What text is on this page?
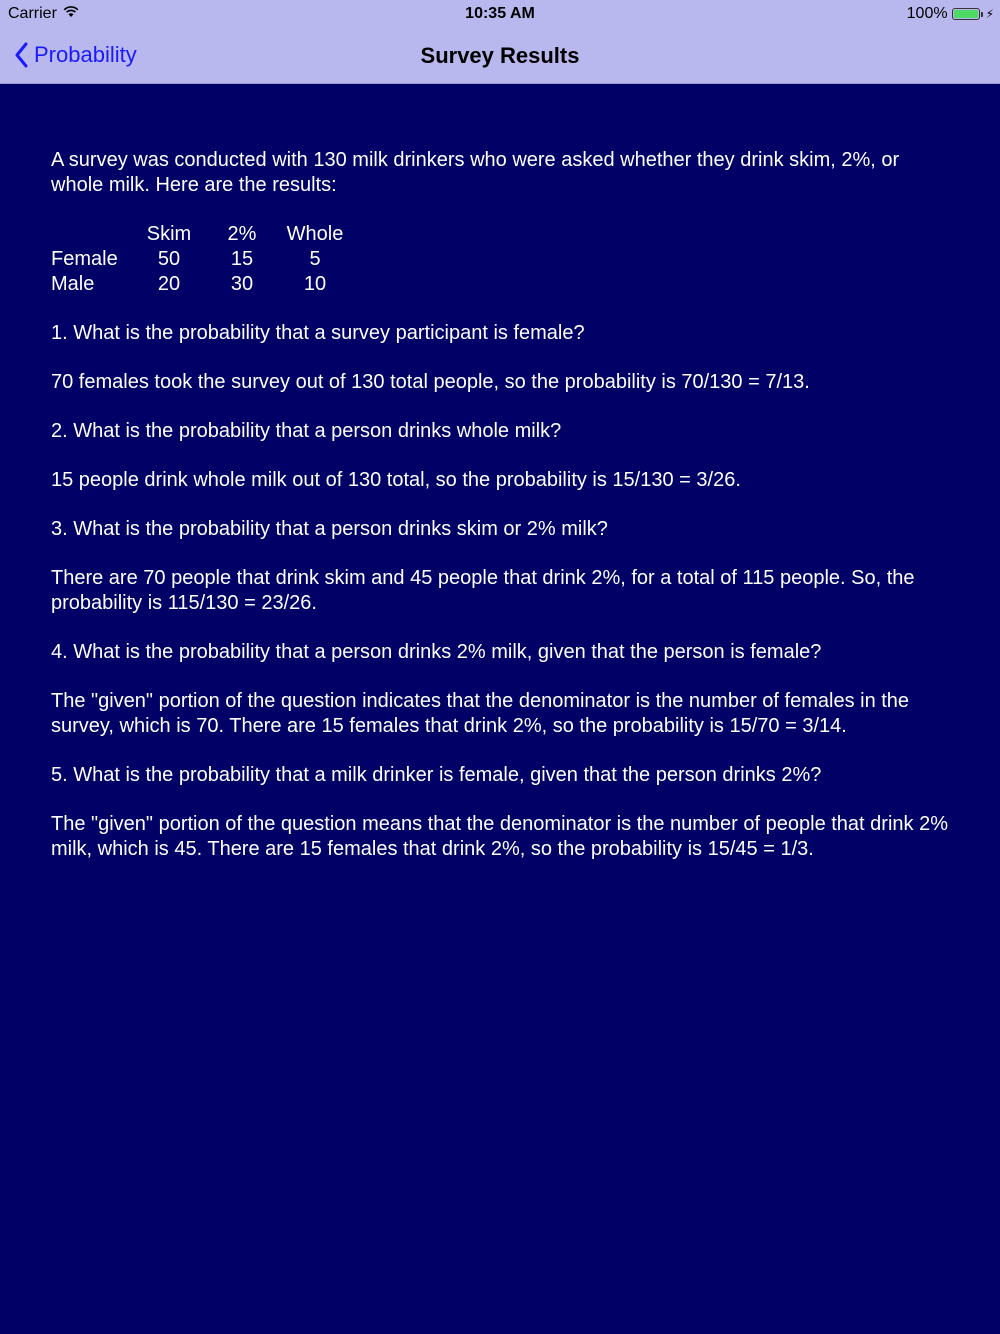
Carrier	10:35 AM	100%	⚡
Probability	Survey Results

A survey was conducted with 130 milk drinkers who were asked whether they drink skim, 2%, or whole milk. Here are the results:

	Skim	2%	Whole
Female	50	15	5
Male	20	30	10

1. What is the probability that a survey participant is female?

70 females took the survey out of 130 total people, so the probability is 70/130 = 7/13.

2. What is the probability that a person drinks whole milk?

15 people drink whole milk out of 130 total, so the probability is 15/130 = 3/26.

3. What is the probability that a person drinks skim or 2% milk?

There are 70 people that drink skim and 45 people that drink 2%, for a total of 115 people. So, the probability is 115/130 = 23/26.

4. What is the probability that a person drinks 2% milk, given that the person is female?

The "given" portion of the question indicates that the denominator is the number of females in the survey, which is 70. There are 15 females that drink 2%, so the probability is 15/70 = 3/14.

5. What is the probability that a milk drinker is female, given that the person drinks 2%?

The "given" portion of the question means that the denominator is the number of people that drink 2% milk, which is 45. There are 15 females that drink 2%, so the probability is 15/45 = 1/3.
